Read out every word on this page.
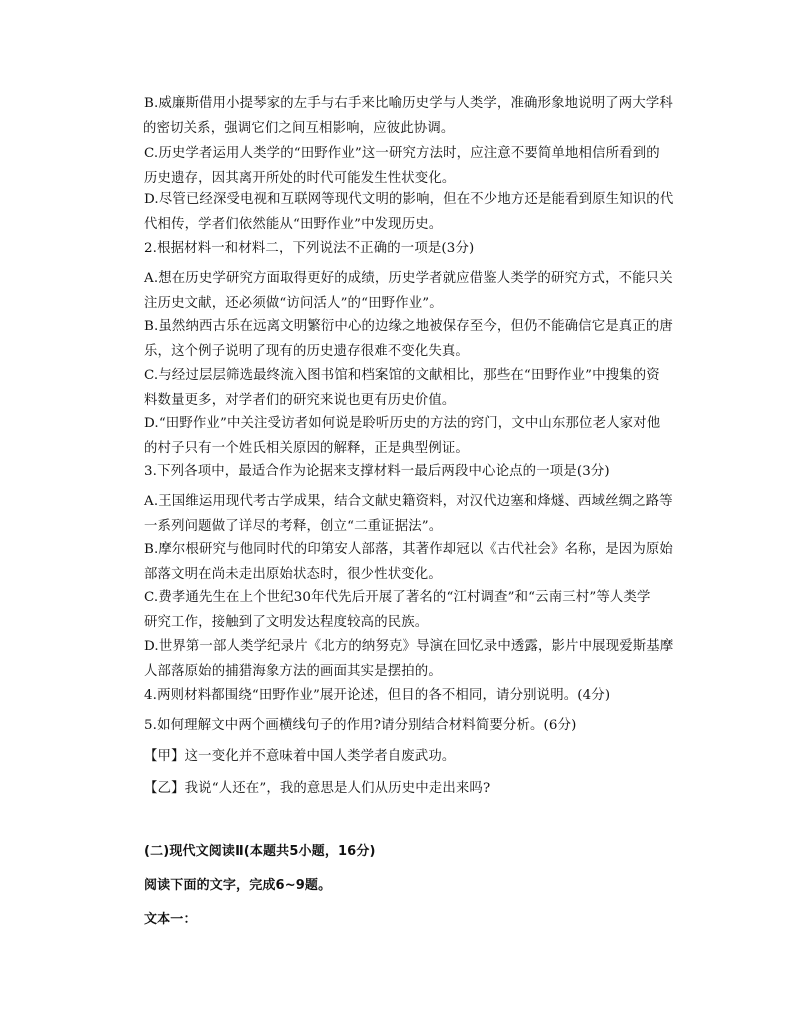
B.威廉斯借用小提琴家的左手与右手来比喻历史学与人类学，准确形象地说明了两大学科
的密切关系，强调它们之间互相影响，应彼此协调。
C.历史学者运用人类学的“田野作业”这一研究方法时，应注意不要简单地相信所看到的
历史遗存，因其离开所处的时代可能发生性状变化。
D.尽管已经深受电视和互联网等现代文明的影响，但在不少地方还是能看到原生知识的代
代相传，学者们依然能从“田野作业”中发现历史。
2.根据材料一和材料二，下列说法不正确的一项是(3分)
A.想在历史学研究方面取得更好的成绩，历史学者就应借鉴人类学的研究方式，不能只关
注历史文献，还必须做“访问活人”的“田野作业”。
B.虽然纳西古乐在远离文明繁衍中心的边缘之地被保存至今，但仍不能确信它是真正的唐
乐，这个例子说明了现有的历史遗存很难不变化失真。
C.与经过层层筛选最终流入图书馆和档案馆的文献相比，那些在“田野作业”中搜集的资
料数量更多，对学者们的研究来说也更有历史价值。
D.“田野作业”中关注受访者如何说是聆听历史的方法的窍门，文中山东那位老人家对他
的村子只有一个姓氏相关原因的解释，正是典型例证。
3.下列各项中，最适合作为论据来支撑材料一最后两段中心论点的一项是(3分)
A.王国维运用现代考古学成果，结合文献史籍资料，对汉代边塞和烽燧、西域丝绸之路等
一系列问题做了详尽的考释，创立“二重证据法”。
B.摩尔根研究与他同时代的印第安人部落，其著作却冠以《古代社会》名称，是因为原始
部落文明在尚未走出原始状态时，很少性状变化。
C.费孝通先生在上个世纪30年代先后开展了著名的“江村调查”和“云南三村”等人类学
研究工作，接触到了文明发达程度较高的民族。
D.世界第一部人类学纪录片《北方的纳努克》导演在回忆录中透露，影片中展现爱斯基摩
人部落原始的捕猎海象方法的画面其实是摆拍的。
4.两则材料都围绕“田野作业”展开论述，但目的各不相同，请分别说明。(4分)
5.如何理解文中两个画横线句子的作用?请分别结合材料简要分析。(6分)
【甲】这一变化并不意味着中国人类学者自废武功。
【乙】我说“人还在”，我的意思是人们从历史中走出来吗?
(二)现代文阅读Ⅱ(本题共5小题，16分)
阅读下面的文字，完成6~9题。
文本一：
